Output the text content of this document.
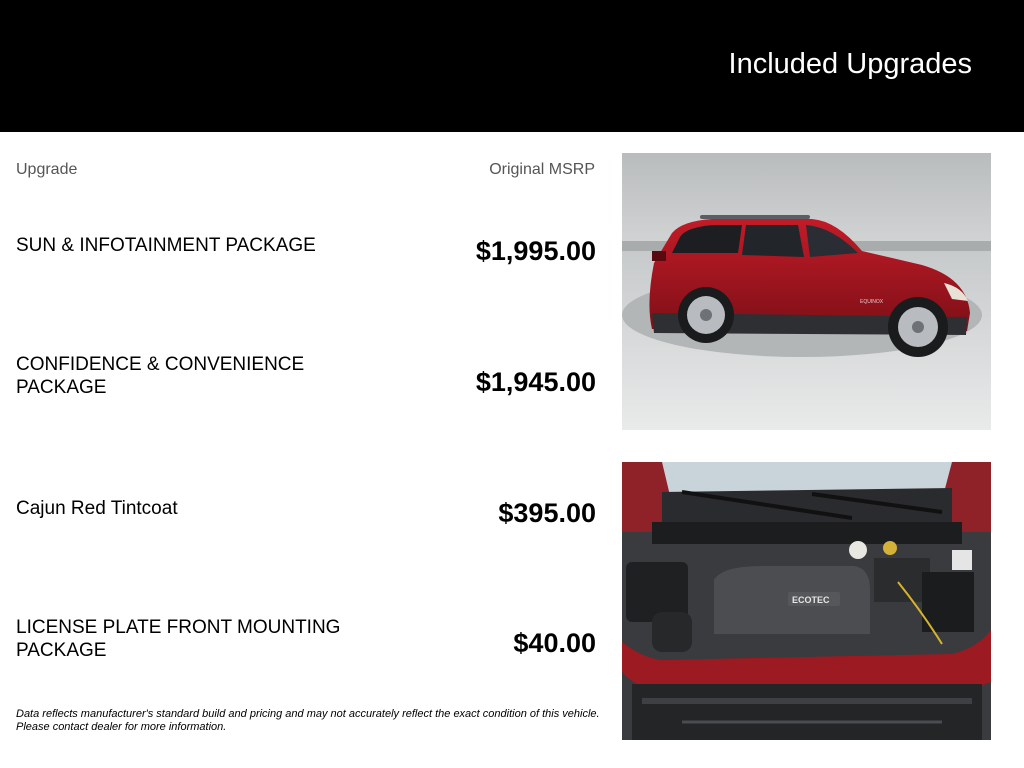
Included Upgrades
Upgrade	Original MSRP
SUN & INFOTAINMENT PACKAGE	$1,995.00
CONFIDENCE & CONVENIENCE PACKAGE	$1,945.00
Cajun Red Tintcoat	$395.00
LICENSE PLATE FRONT MOUNTING PACKAGE	$40.00
Data reflects manufacturer's standard build and pricing and may not accurately reflect the exact condition of this vehicle. Please contact dealer for more information.
EQUINOX
ECOTEC
